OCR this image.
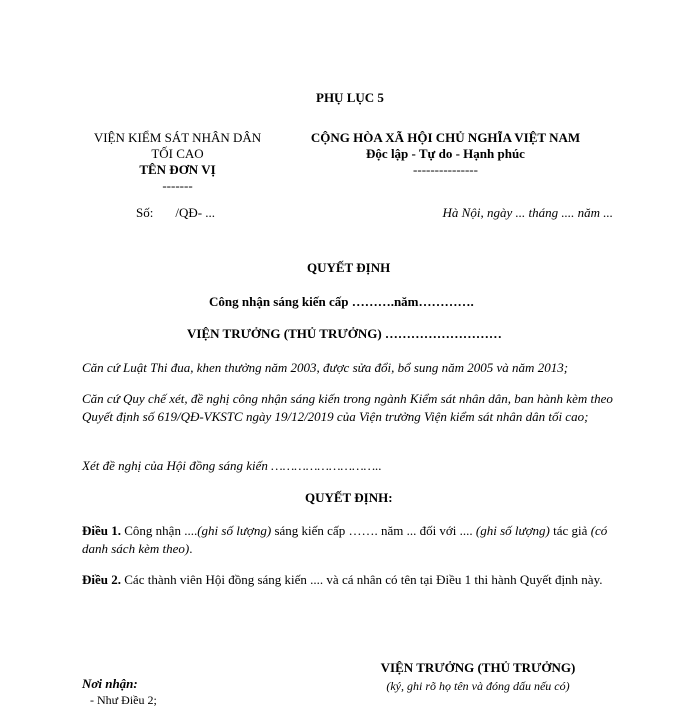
PHỤ LỤC 5
VIỆN KIỂM SÁT NHÂN DÂN
TỐI CAO
TÊN ĐƠN VỊ
-------
Số: /QĐ- ...
CỘNG HÒA XÃ HỘI CHỦ NGHĨA VIỆT NAM
Độc lập - Tự do - Hạnh phúc
---------------
Hà Nội, ngày ... tháng .... năm ...
QUYẾT ĐỊNH
Công nhận sáng kiến cấp ……….năm………….
VIỆN TRƯỞNG (THỦ TRƯỞNG) ………………………
Căn cứ Luật Thi đua, khen thưởng năm 2003, được sửa đổi, bổ sung năm 2005 và năm 2013;
Căn cứ Quy chế xét, đề nghị công nhận sáng kiến trong ngành Kiểm sát nhân dân, ban hành kèm theo Quyết định số 619/QĐ-VKSTC ngày 19/12/2019 của Viện trưởng Viện kiểm sát nhân dân tối cao;
Xét đề nghị của Hội đồng sáng kiến ………………………..
QUYẾT ĐỊNH:
Điều 1. Công nhận ....(ghi số lượng) sáng kiến cấp ……. năm ... đối với .... (ghi số lượng) tác giả (có danh sách kèm theo).
Điều 2. Các thành viên Hội đồng sáng kiến .... và cá nhân có tên tại Điều 1 thi hành Quyết định này.
VIỆN TRƯỞNG (THỦ TRƯỞNG)
(ký, ghi rõ họ tên và đóng dấu nếu có)
Nơi nhận:
- Như Điều 2;
